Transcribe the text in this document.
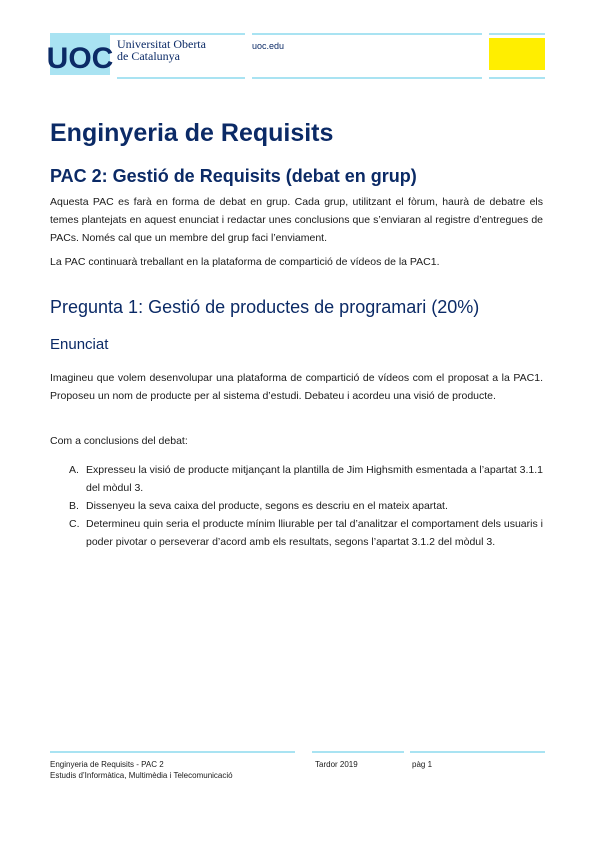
UOC Universitat Oberta
de Catalunya
uoc.edu
Enginyeria de Requisits
PAC 2: Gestió de Requisits (debat en grup)

Aquesta PAC es farà en forma de debat en grup. Cada grup, utilitzant el fòrum, haurà de debatre els temes plantejats en aquest enunciat i redactar unes conclusions que s’enviaran al registre d’entregues de PACs. Només cal que un membre del grup faci l’enviament.

La PAC continuarà treballant en la plataforma de compartició de vídeos de la PAC1.

Pregunta 1: Gestió de productes de programari (20%)
Enunciat

Imagineu que volem desenvolupar una plataforma de compartició de vídeos com el proposat a la PAC1. Proposeu un nom de producte per al sistema d’estudi. Debateu i acordeu una visió de producte.

Com a conclusions del debat:

A. Expresseu la visió de producte mitjançant la plantilla de Jim Highsmith esmentada a l’apartat 3.1.1 del mòdul 3.
B. Dissenyeu la seva caixa del producte, segons es descriu en el mateix apartat.
C. Determineu quin seria el producte mínim lliurable per tal d’analitzar el comportament dels usuaris i poder pivotar o perseverar d’acord amb els resultats, segons l’apartat 3.1.2 del mòdul 3.
Enginyeria de Requisits - PAC 2
Estudis d’Informàtica, Multimèdia i Telecomunicació
Tardor 2019	pàg 1
